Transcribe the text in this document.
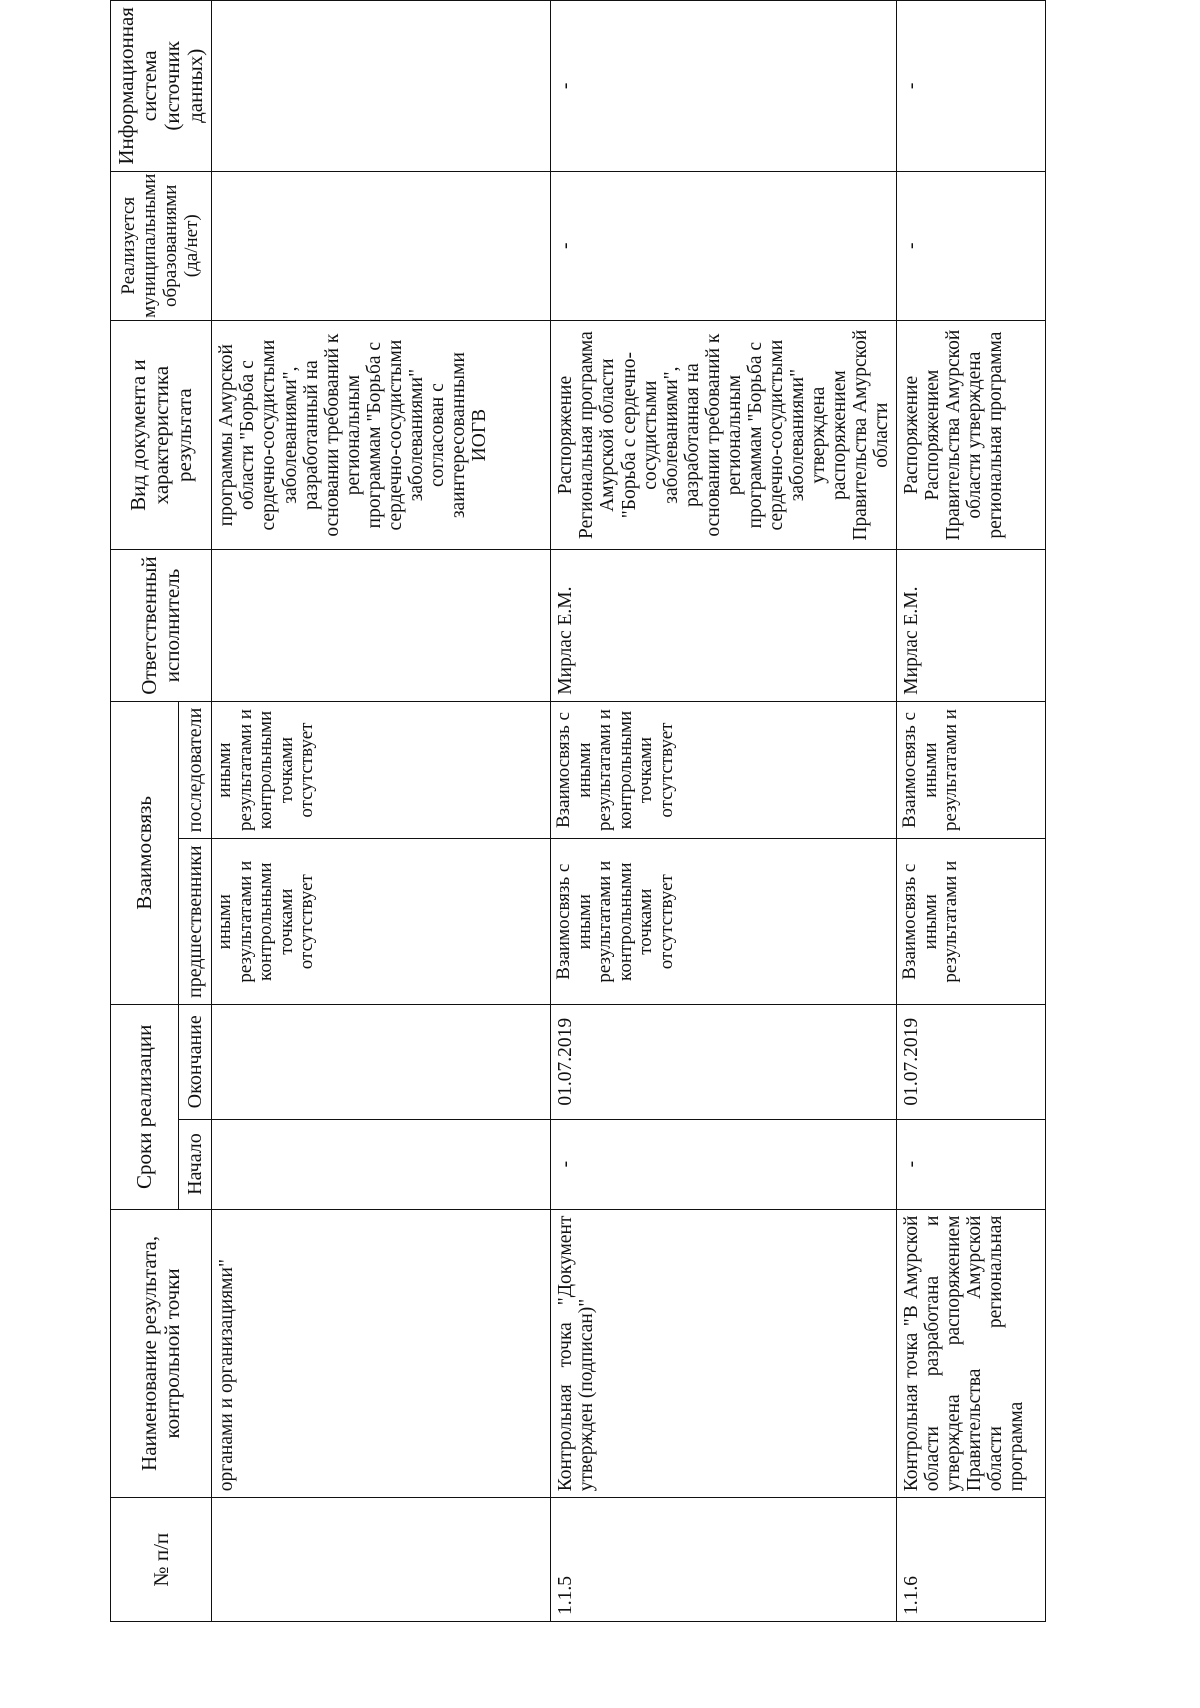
№ п/п	Наименование результата, контрольной точки	Сроки реализации		Взаимосвязь		Ответственный исполнитель	Вид документа и характеристика результата	Реализуется муниципальными образованиями (да/нет)	Информационная система (источник данных)
		Начало	Окончание	предшественники	последователи				
	органами и организациями"			иными результатами и контрольными точками отсутствует	иными результатами и контрольными точками отсутствует		программы Амурской области "Борьба с сердечно-сосудистыми заболеваниями", разработанный на основании требований к региональным программам "Борьба с сердечно-сосудистыми заболеваниями" согласован с заинтересованными ИОГВ		
1.1.5	Контрольная точка "Документ утвержден (подписан)"	-	01.07.2019	Взаимосвязь с иными результатами и контрольными точками отсутствует	Взаимосвязь с иными результатами и контрольными точками отсутствует	Мирлас Е.М.	Распоряжение Региональная программа Амурской области "Борьба с сердечно-сосудистыми заболеваниями", разработанная на основании требований к региональным программам "Борьба с сердечно-сосудистыми заболеваниями" утверждена распоряжением Правительства Амурской области	-	-
1.1.6	Контрольная точка "В Амурской области разработана и утверждена распоряжением Правительства Амурской области региональная программа	-	01.07.2019	Взаимосвязь с иными результатами и	Взаимосвязь с иными результатами и	Мирлас Е.М.	Распоряжение Распоряжением Правительства Амурской области утверждена региональная программа	-	-
